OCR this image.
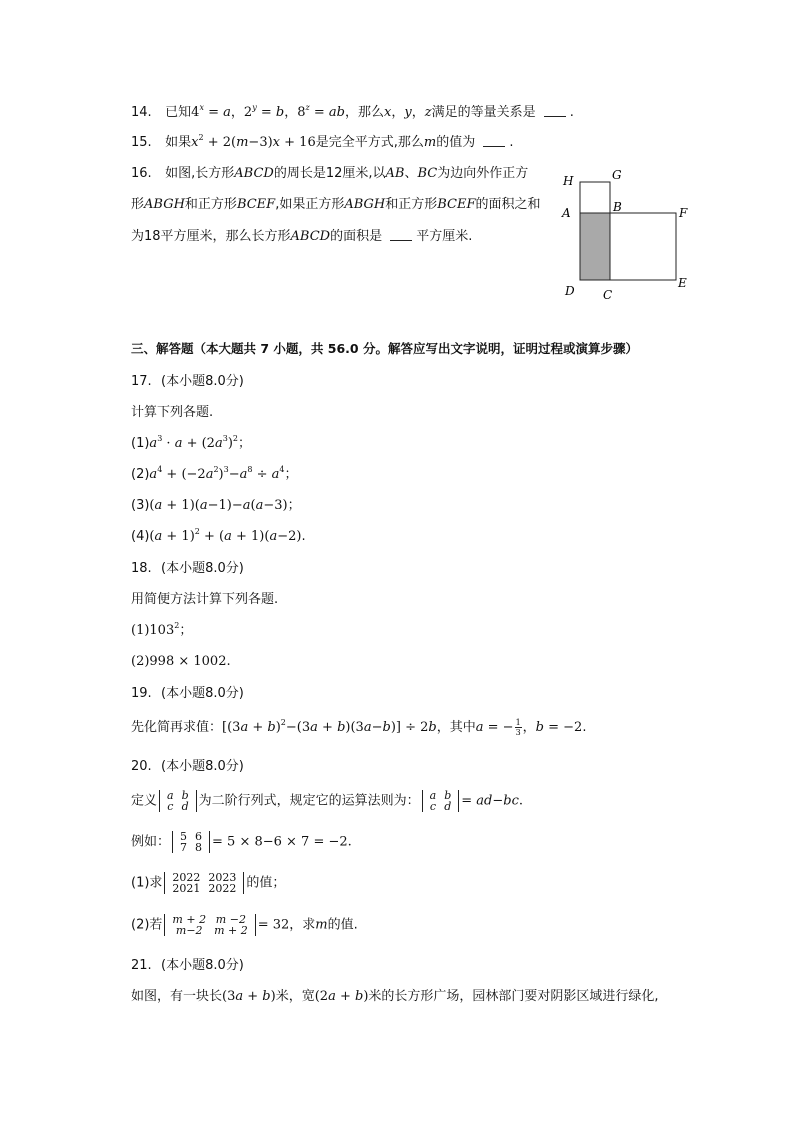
14. 已知$4^x = a$，$2^y = b$，$8^z$ = ab，那么x，y，z满足的等量关系是	.
15. 如果$x^2 + 2(m-3)x + 16$是完全平方式,那么m的值为	.
16. 如图,长方形ABCD的周长是12厘米,以AB、BC为边向外作正方
形ABGH和正方形BCEF,如果正方形ABGH和正方形BCEF的面积之和
为18平方厘米，那么长方形ABCD的面积是	平方厘米.
H	G
A	B	F
D C
E
三、解答题（本大题共 7 小题，共 56.0 分。解答应写出文字说明，证明过程或演算步骤）
17. (本小题8.0分)
计算下列各题.
$(1)a^3 \cdot a + (2a^3)^2$；
$(2)a^4 + (-2a^2)^3-a^8 \div a^4$；
(3)(a + 1)(a−1)−a(a−3)；
$(4)(a + 1)^2 + (a + 1)(a-2)$.
18. (本小题8.0分)
用简便方法计算下列各题.
$(1)103^2$；
(2)998 × 1002.
19. (本小题8.0分)
先化简再求值：$[(3a + b)^2-(3a + b)(3a-b)] \div 2b$，其中a = − $\frac{1}{3}$ ，b = −2.
20. (本小题8.0分)
定义 a	b
c	d 为二阶行列式，规定它的运算法则为： a	b
c	d = ad−bc.
例如： 5	6
7	8 = 5 × 8−6 × 7 = −2.
(1)求 2022	2023
2021	2022 的值；
(2)若 m + 2	m −2
m−2	m + 2 = 32，求m的值.
21. (本小题8.0分)
如图，有一块长(3a + b)米，宽(2a + b)米的长方形广场，园林部门要对阴影区域进行绿化,
